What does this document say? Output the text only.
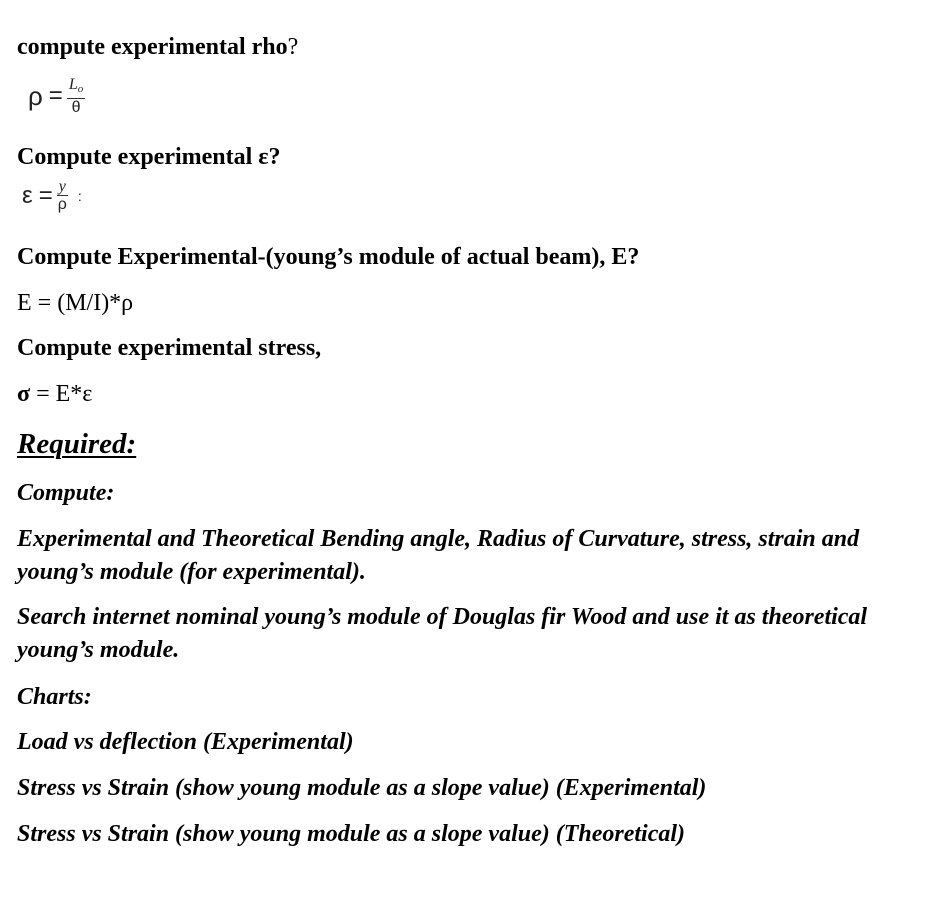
compute experimental rho?
$\rho = \frac{Lo}{\theta}$
Compute experimental ε?
$\varepsilon = \frac{y}{\rho}$ :
Compute Experimental-(young’s module of actual beam), E?
E = (M/I)*ρ
Compute experimental stress,
σ = E*ε
Required:
Compute:
Experimental and Theoretical Bending angle, Radius of Curvature, stress, strain and young’s module (for experimental).
Search internet nominal young’s module of Douglas fir Wood and use it as theoretical young’s module.
Charts:
Load vs deflection (Experimental)
Stress vs Strain (show young module as a slope value) (Experimental)
Stress vs Strain (show young module as a slope value) (Theoretical)
